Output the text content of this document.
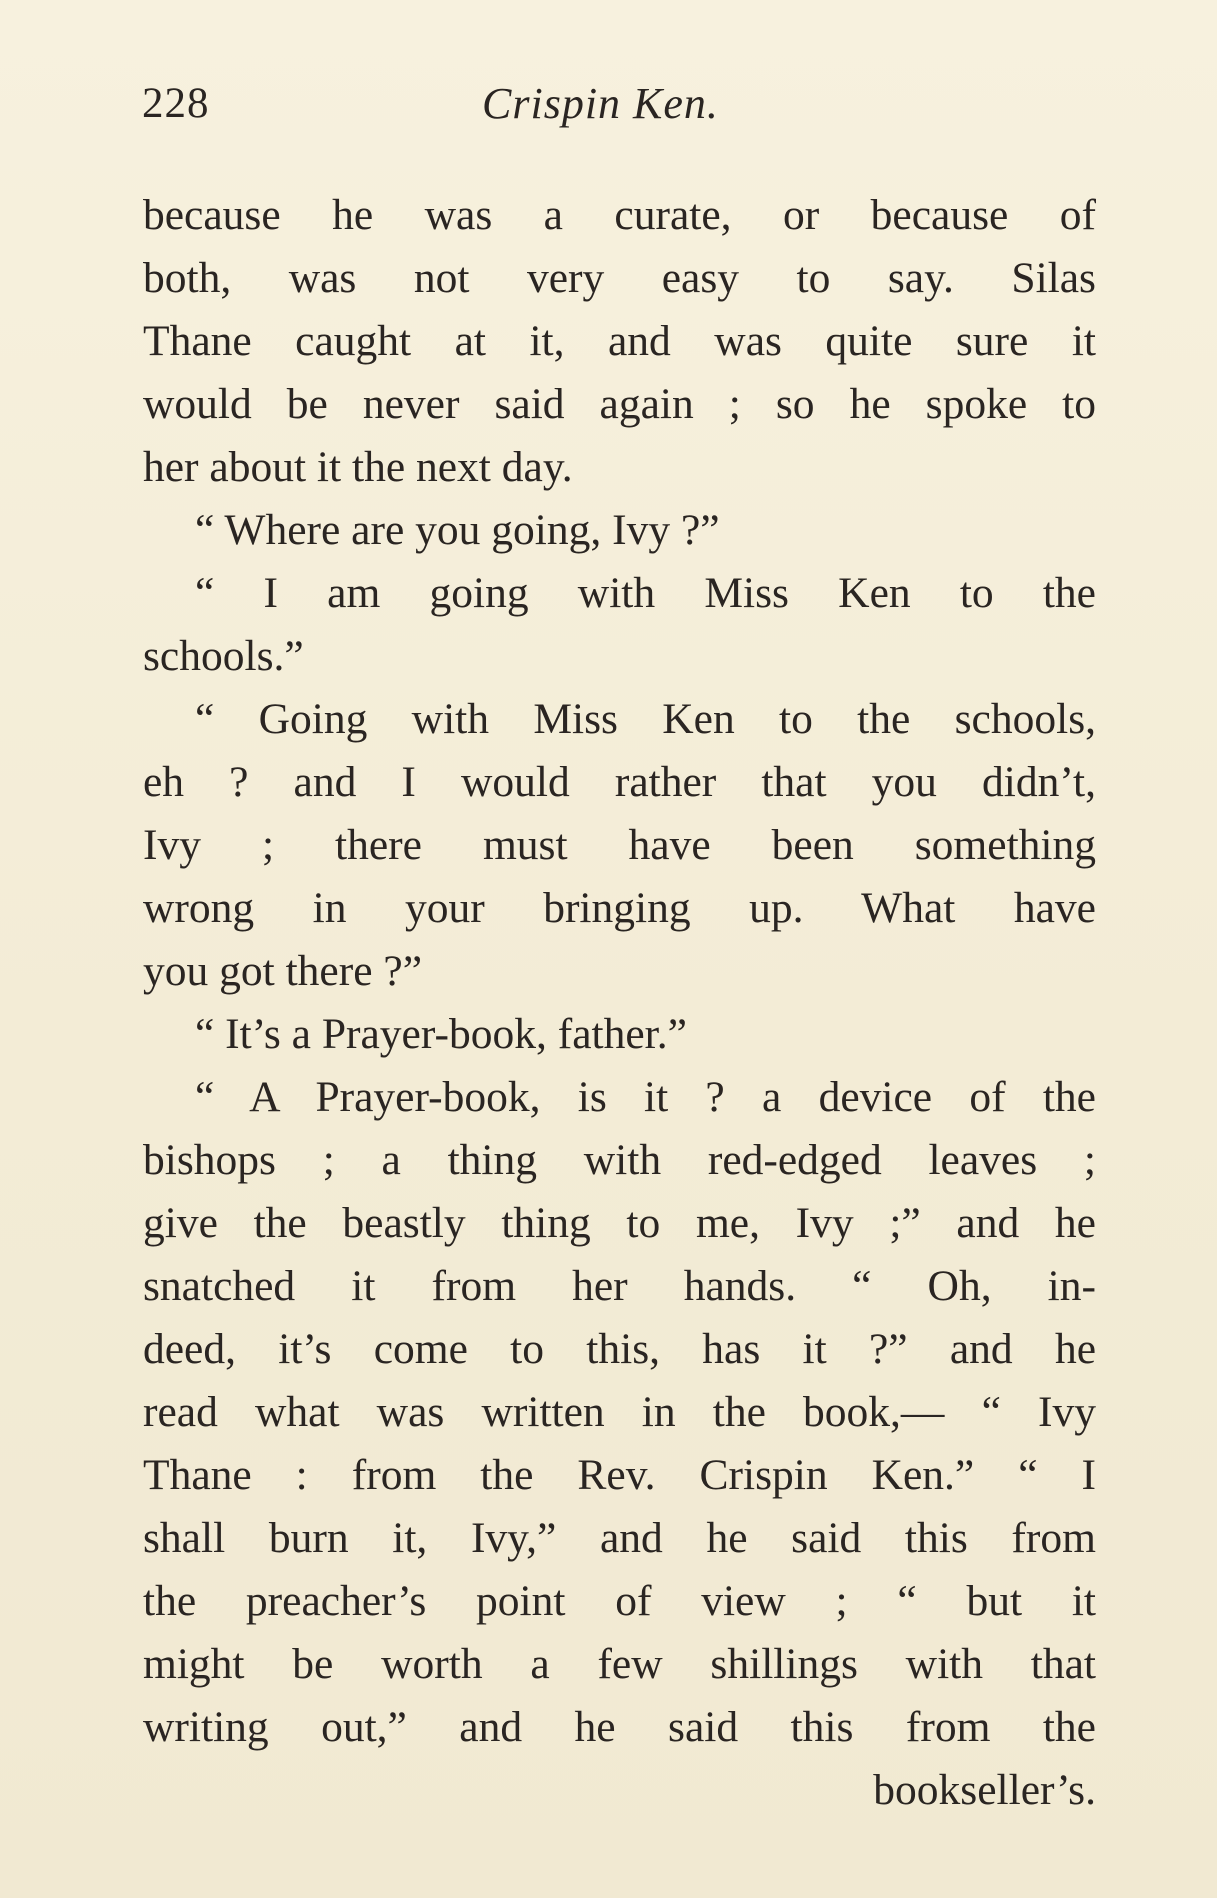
228	Crispin Ken.
because he was a curate, or because of
both, was not very easy to say. Silas
Thane caught at it, and was quite sure it
would be never said again ; so he spoke to
her about it the next day.
“ Where are you going, Ivy ?”
“ I am going with Miss Ken to the
schools.”
“ Going with Miss Ken to the schools,
eh ? and I would rather that you didn’t,
Ivy ; there must have been something
wrong in your bringing up. What have
you got there ?”
“ It’s a Prayer-book, father.”
“ A Prayer-book, is it ? a device of the
bishops ; a thing with red-edged leaves ;
give the beastly thing to me, Ivy ;” and he
snatched it from her hands. “ Oh, in-
deed, it’s come to this, has it ?” and he
read what was written in the book,— “ Ivy
Thane : from the Rev. Crispin Ken.” “ I
shall burn it, Ivy,” and he said this from
the preacher’s point of view ; “ but it
might be worth a few shillings with that
writing out,” and he said this from the
bookseller’s.
